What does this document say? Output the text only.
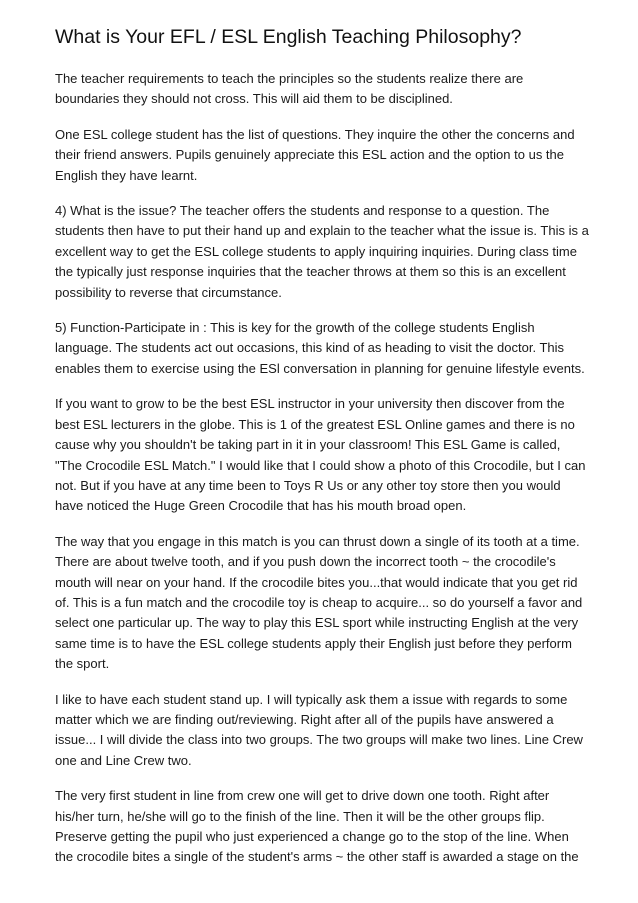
What is Your EFL / ESL English Teaching Philosophy?

The teacher requirements to teach the principles so the students realize there are boundaries they should not cross. This will aid them to be disciplined.

One ESL college student has the list of questions. They inquire the other the concerns and their friend answers. Pupils genuinely appreciate this ESL action and the option to us the English they have learnt.

4) What is the issue? The teacher offers the students and response to a question. The students then have to put their hand up and explain to the teacher what the issue is. This is a excellent way to get the ESL college students to apply inquiring inquiries. During class time the typically just response inquiries that the teacher throws at them so this is an excellent possibility to reverse that circumstance.

5) Function-Participate in : This is key for the growth of the college students English language. The students act out occasions, this kind of as heading to visit the doctor. This enables them to exercise using the ESl conversation in planning for genuine lifestyle events.

If you want to grow to be the best ESL instructor in your university then discover from the best ESL lecturers in the globe. This is 1 of the greatest ESL Online games and there is no cause why you shouldn't be taking part in it in your classroom! This ESL Game is called, "The Crocodile ESL Match." I would like that I could show a photo of this Crocodile, but I can not. But if you have at any time been to Toys R Us or any other toy store then you would have noticed the Huge Green Crocodile that has his mouth broad open.

The way that you engage in this match is you can thrust down a single of its tooth at a time. There are about twelve tooth, and if you push down the incorrect tooth ~ the crocodile's mouth will near on your hand. If the crocodile bites you...that would indicate that you get rid of. This is a fun match and the crocodile toy is cheap to acquire... so do yourself a favor and select one particular up. The way to play this ESL sport while instructing English at the very same time is to have the ESL college students apply their English just before they perform the sport.

I like to have each student stand up. I will typically ask them a issue with regards to some matter which we are finding out/reviewing. Right after all of the pupils have answered a issue... I will divide the class into two groups. The two groups will make two lines. Line Crew one and Line Crew two.

The very first student in line from crew one will get to drive down one tooth. Right after his/her turn, he/she will go to the finish of the line. Then it will be the other groups flip. Preserve getting the pupil who just experienced a change go to the stop of the line. When the crocodile bites a single of the student's arms ~ the other staff is awarded a stage on the
